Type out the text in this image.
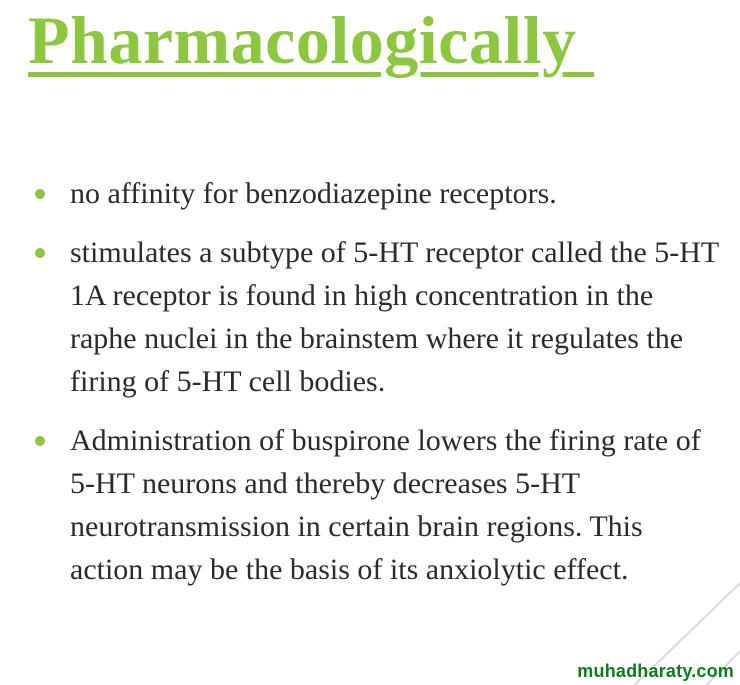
Pharmacologically
no affinity for benzodiazepine receptors.
stimulates a subtype of 5-HT receptor called the 5-HT 1A receptor is found in high concentration in the raphe nuclei in the brainstem where it regulates the firing of 5-HT cell bodies.
Administration of buspirone lowers the firing rate of 5-HT neurons and thereby decreases 5-HT neurotransmission in certain brain regions. This action may be the basis of its anxiolytic effect.
muhadharaty.com
